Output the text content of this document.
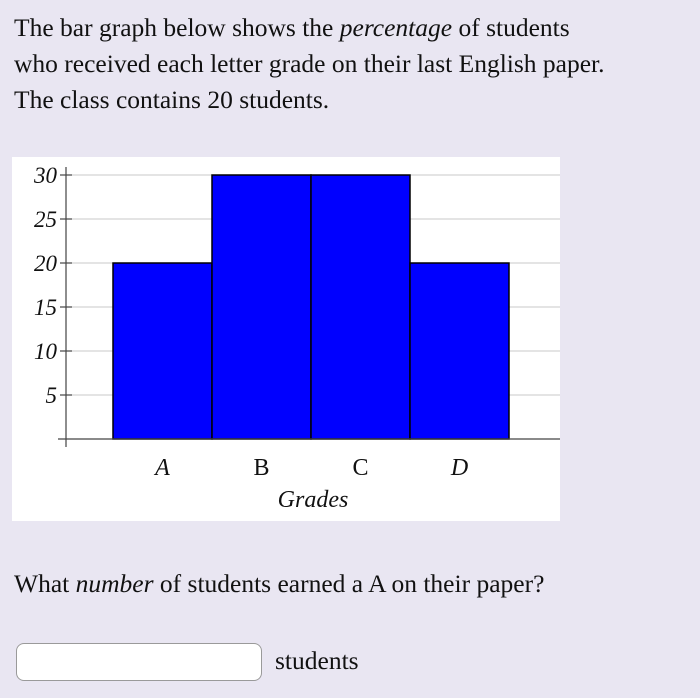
The bar graph below shows the percentage of students

who received each letter grade on their last English paper.

The class contains 20 students.

5
10
15
20
25
30
A	B	C	D
Grades
What number of students earned a A on their paper?
students
